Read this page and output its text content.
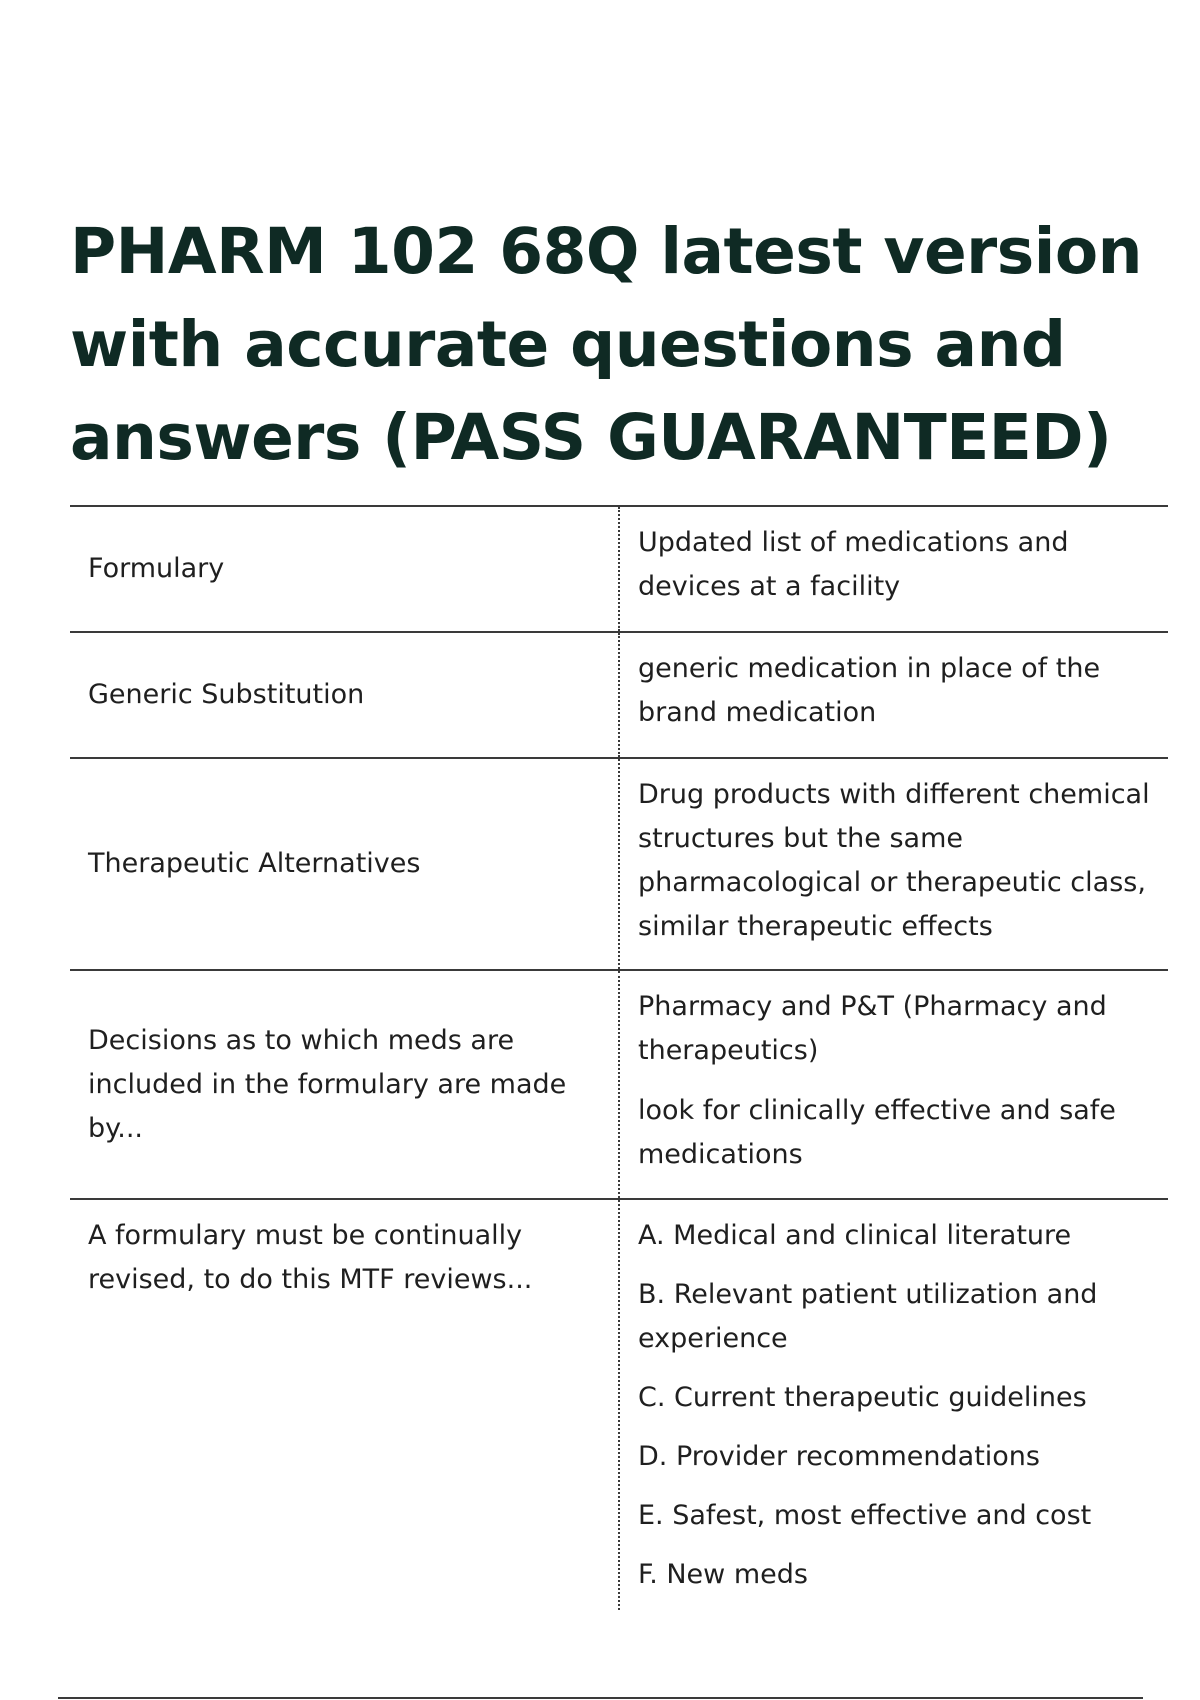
PHARM 102 68Q latest version with accurate questions and answers (PASS GUARANTEED)
Formulary

Updated list of medications and devices at a facility

Generic Substitution

generic medication in place of the brand medication

Therapeutic Alternatives

Drug products with different chemical structures but the same pharmacological or therapeutic class, similar therapeutic effects

Decisions as to which meds are included in the formulary are made by...

Pharmacy and P&T (Pharmacy and therapeutics)

look for clinically effective and safe medications

A formulary must be continually revised, to do this MTF reviews...

A. Medical and clinical literature

B. Relevant patient utilization and experience

C. Current therapeutic guidelines

D. Provider recommendations

E. Safest, most effective and cost

F. New meds
